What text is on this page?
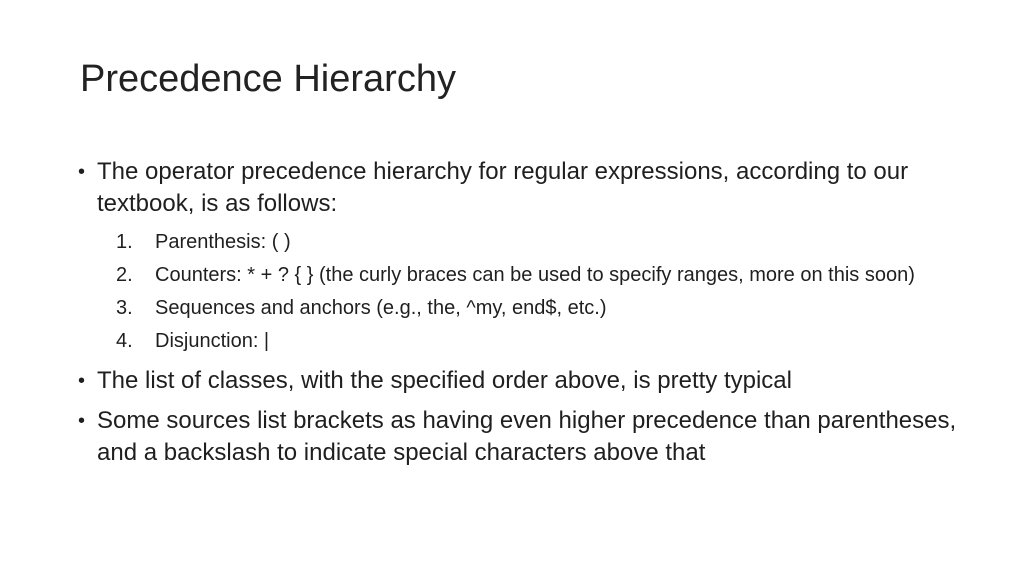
Precedence Hierarchy
• The operator precedence hierarchy for regular expressions, according to our textbook, is as follows:
1.	Parenthesis: ( )
2.	Counters: * + ? { } (the curly braces can be used to specify ranges, more on this soon)
3.	Sequences and anchors (e.g., the, ^my, end$, etc.)
4.	Disjunction: |
• The list of classes, with the specified order above, is pretty typical
• Some sources list brackets as having even higher precedence than parentheses, and a backslash to indicate special characters above that
